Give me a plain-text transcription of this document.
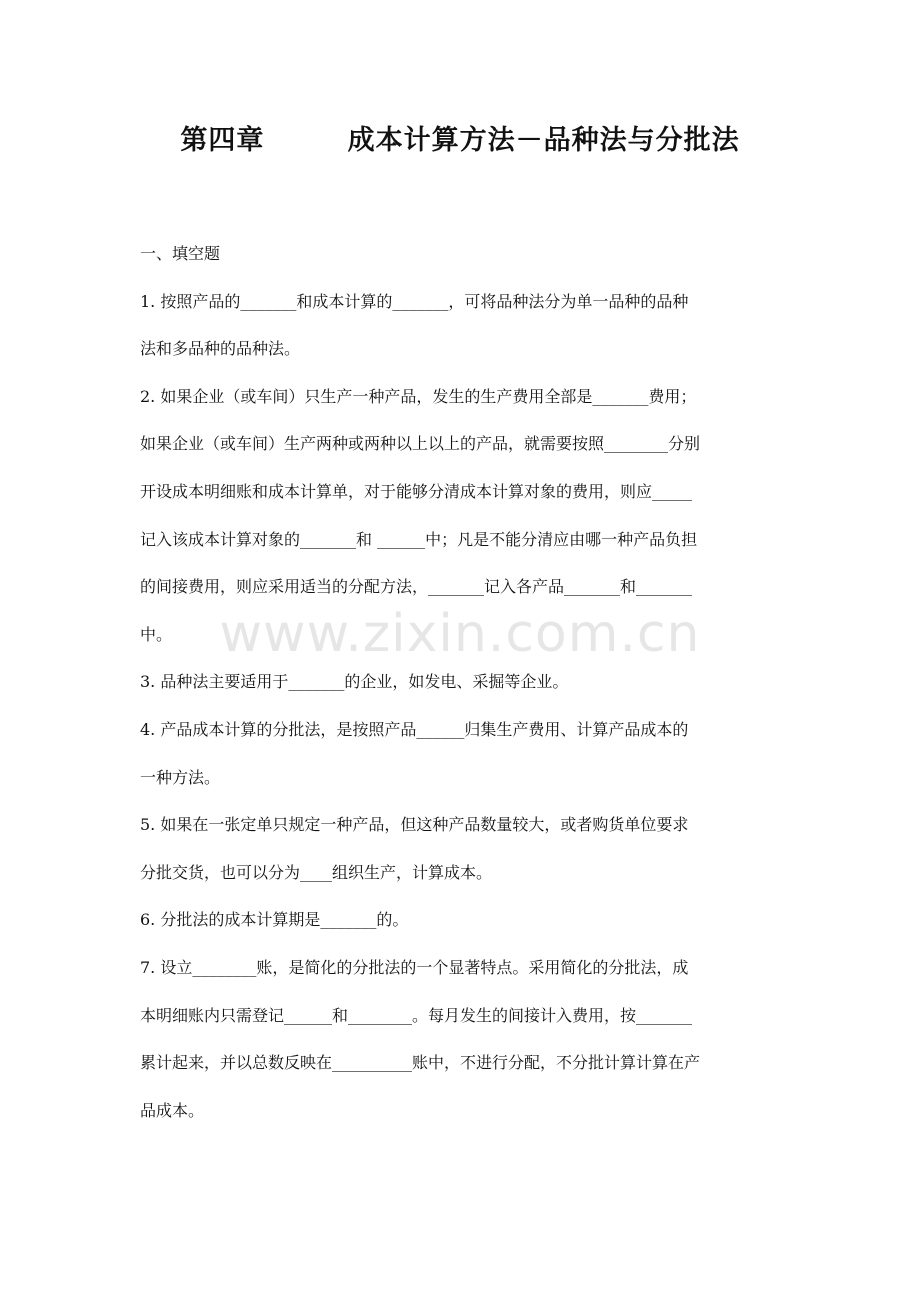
第四章        成本计算方法－品种法与分批法
一、填空题
1. 按照产品的_______和成本计算的_______，可将品种法分为单一品种的品种
法和多品种的品种法。
2. 如果企业（或车间）只生产一种产品，发生的生产费用全部是_______费用；
如果企业（或车间）生产两种或两种以上以上的产品，就需要按照________分别
开设成本明细账和成本计算单，对于能够分清成本计算对象的费用，则应_____
记入该成本计算对象的_______和 ______中；凡是不能分清应由哪一种产品负担
的间接费用，则应采用适当的分配方法，_______记入各产品_______和_______
中。
3. 品种法主要适用于_______的企业，如发电、采掘等企业。
4. 产品成本计算的分批法，是按照产品______归集生产费用、计算产品成本的
一种方法。
5. 如果在一张定单只规定一种产品，但这种产品数量较大，或者购货单位要求
分批交货，也可以分为____组织生产，计算成本。
6. 分批法的成本计算期是_______的。
7. 设立________账，是简化的分批法的一个显著特点。采用简化的分批法，成
本明细账内只需登记______和________。每月发生的间接计入费用，按_______
累计起来，并以总数反映在__________账中，不进行分配，不分批计算计算在产
品成本。
www.zixin.com.cn
